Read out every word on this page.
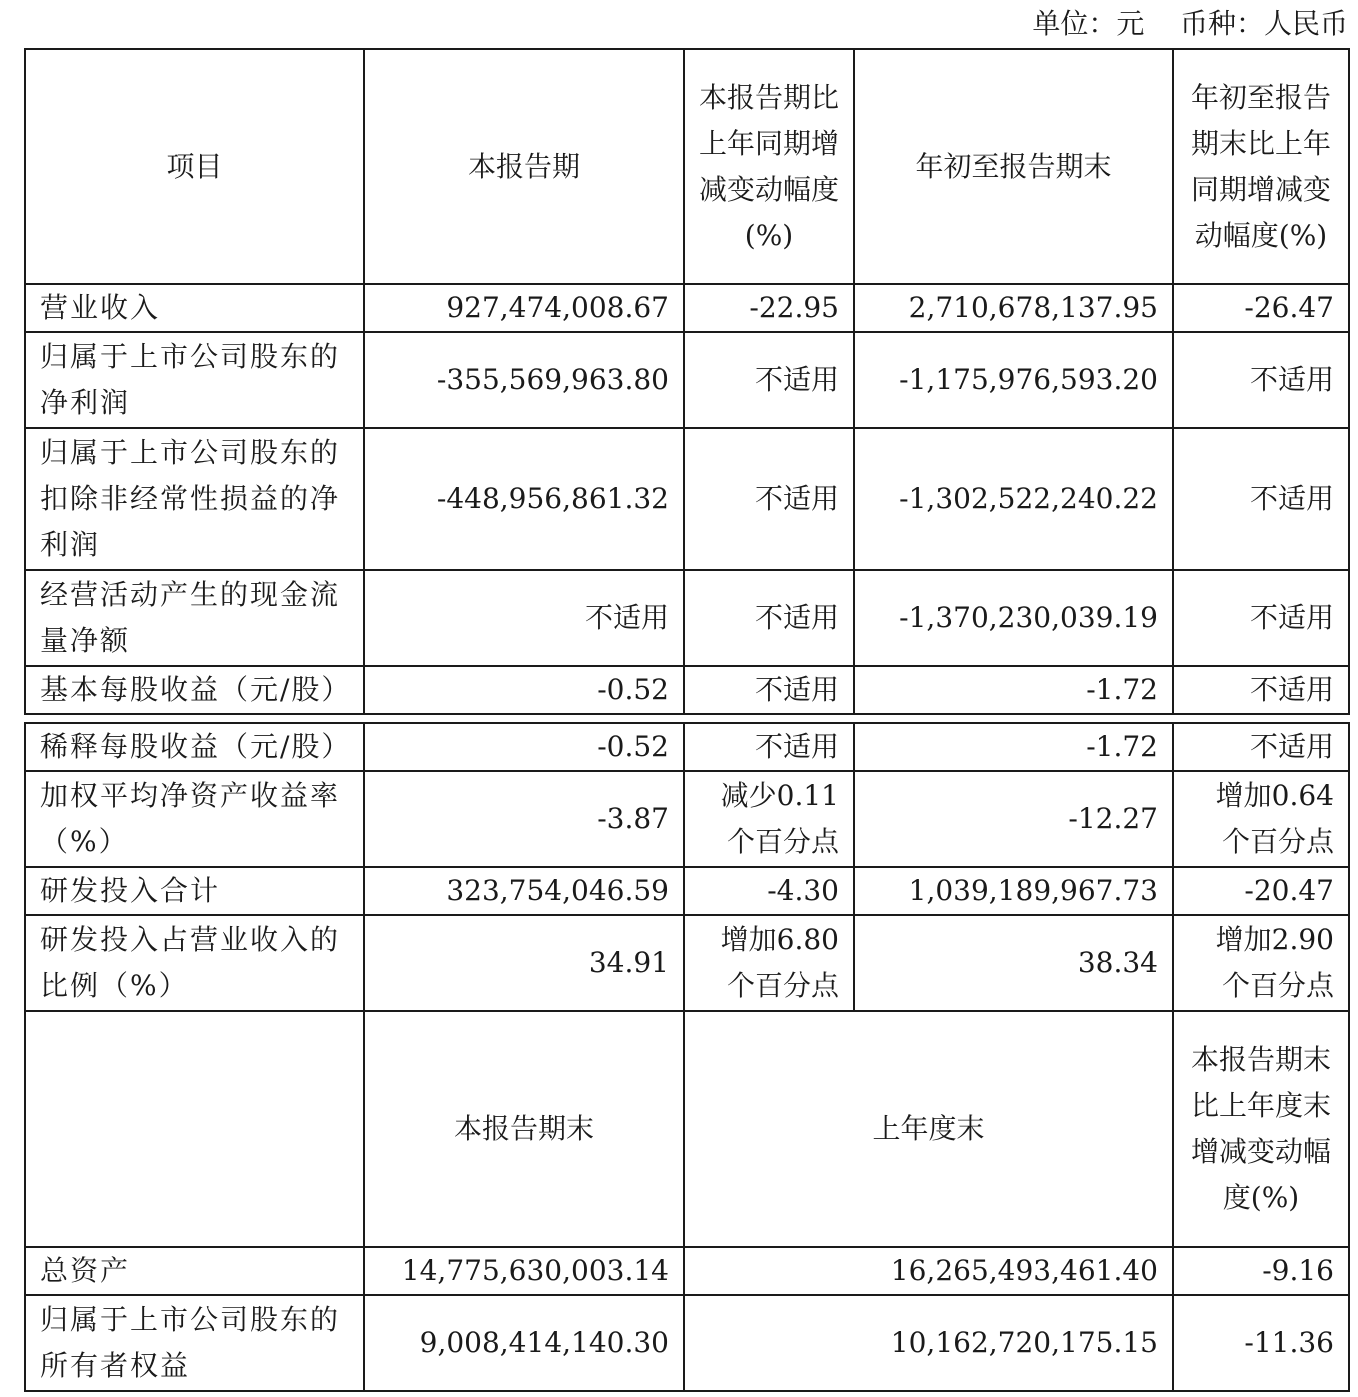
单位：元    币种：人民币
项目	本报告期	本报告期比上年同期增减变动幅度(%)	年初至报告期末	年初至报告期末比上年同期增减变动幅度(%)
营业收入	927,474,008.67	-22.95	2,710,678,137.95	-26.47
归属于上市公司股东的净利润	-355,569,963.80	不适用	-1,175,976,593.20	不适用
归属于上市公司股东的扣除非经常性损益的净利润	-448,956,861.32	不适用	-1,302,522,240.22	不适用
经营活动产生的现金流量净额	不适用	不适用	-1,370,230,039.19	不适用
基本每股收益（元/股）	-0.52	不适用	-1.72	不适用
稀释每股收益（元/股）	-0.52	不适用	-1.72	不适用
加权平均净资产收益率（%）	-3.87	减少0.11个百分点	-12.27	增加0.64个百分点
研发投入合计	323,754,046.59	-4.30	1,039,189,967.73	-20.47
研发投入占营业收入的比例（%）	34.91	增加6.80个百分点	38.34	增加2.90个百分点
	本报告期末	上年度末		本报告期末比上年度末增减变动幅度(%)
总资产	14,775,630,003.14	16,265,493,461.40		-9.16
归属于上市公司股东的所有者权益	9,008,414,140.30	10,162,720,175.15		-11.36
